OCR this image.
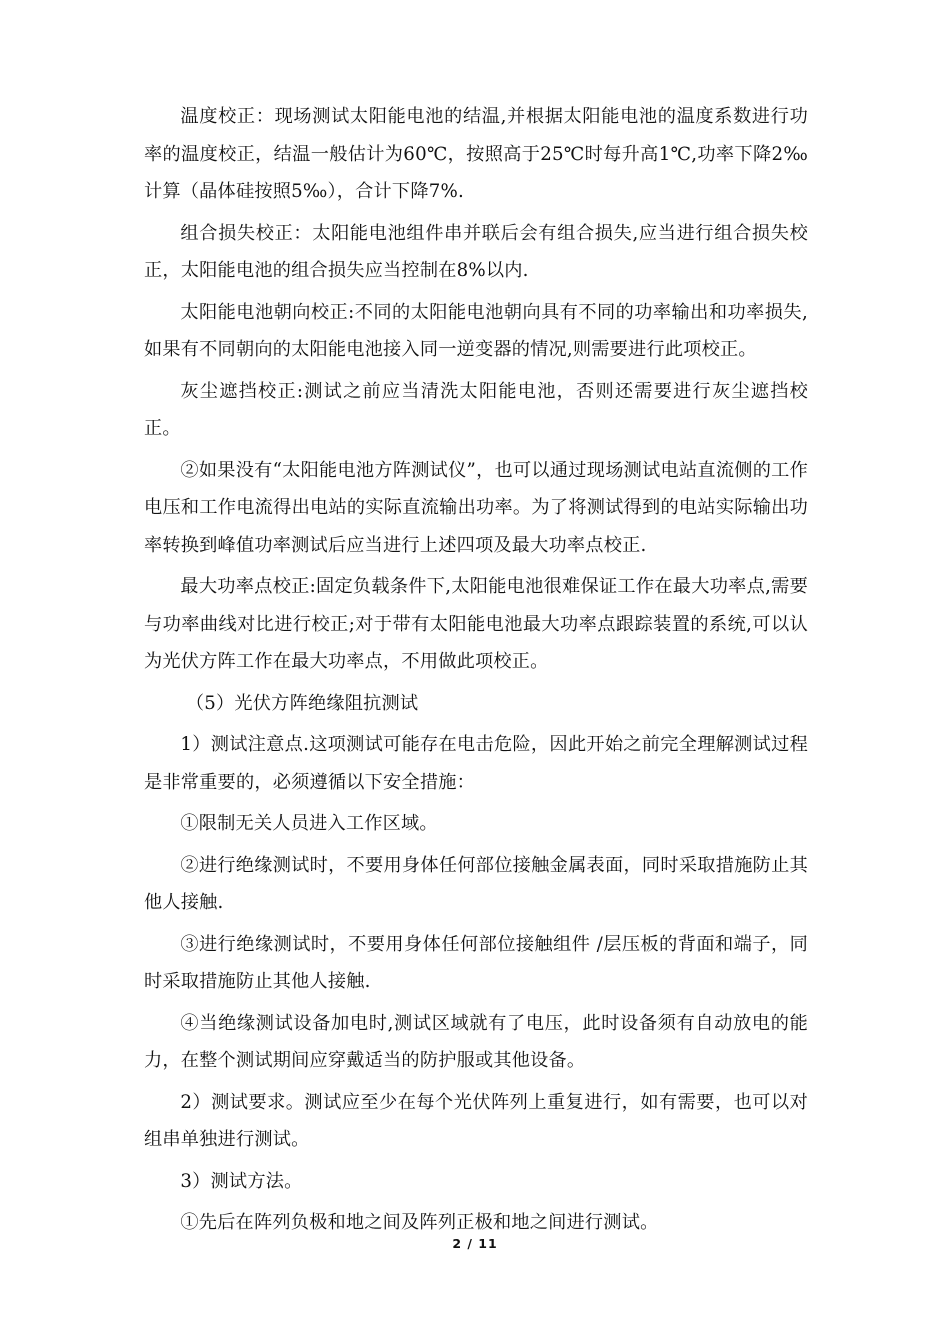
温度校正：现场测试太阳能电池的结温,并根据太阳能电池的温度系数进行功率的温度校正，结温一般估计为60℃，按照高于25℃时每升高1℃,功率下降2‰计算（晶体硅按照5‰），合计下降7%.

组合损失校正：太阳能电池组件串并联后会有组合损失,应当进行组合损失校正，太阳能电池的组合损失应当控制在8%以内.

太阳能电池朝向校正:不同的太阳能电池朝向具有不同的功率输出和功率损失,如果有不同朝向的太阳能电池接入同一逆变器的情况,则需要进行此项校正。

灰尘遮挡校正:测试之前应当清洗太阳能电池，否则还需要进行灰尘遮挡校正。

②如果没有“太阳能电池方阵测试仪”，也可以通过现场测试电站直流侧的工作电压和工作电流得出电站的实际直流输出功率。为了将测试得到的电站实际输出功率转换到峰值功率测试后应当进行上述四项及最大功率点校正.

最大功率点校正:固定负载条件下,太阳能电池很难保证工作在最大功率点,需要与功率曲线对比进行校正;对于带有太阳能电池最大功率点跟踪装置的系统,可以认为光伏方阵工作在最大功率点，不用做此项校正。

（5）光伏方阵绝缘阻抗测试

1）测试注意点.这项测试可能存在电击危险，因此开始之前完全理解测试过程是非常重要的，必须遵循以下安全措施：

①限制无关人员进入工作区域。

②进行绝缘测试时，不要用身体任何部位接触金属表面，同时采取措施防止其他人接触.

③进行绝缘测试时，不要用身体任何部位接触组件 /层压板的背面和端子，同时采取措施防止其他人接触.

④当绝缘测试设备加电时,测试区域就有了电压，此时设备须有自动放电的能力，在整个测试期间应穿戴适当的防护服或其他设备。

2）测试要求。测试应至少在每个光伏阵列上重复进行，如有需要，也可以对组串单独进行测试。

3）测试方法。

①先后在阵列负极和地之间及阵列正极和地之间进行测试。

2 / 11
